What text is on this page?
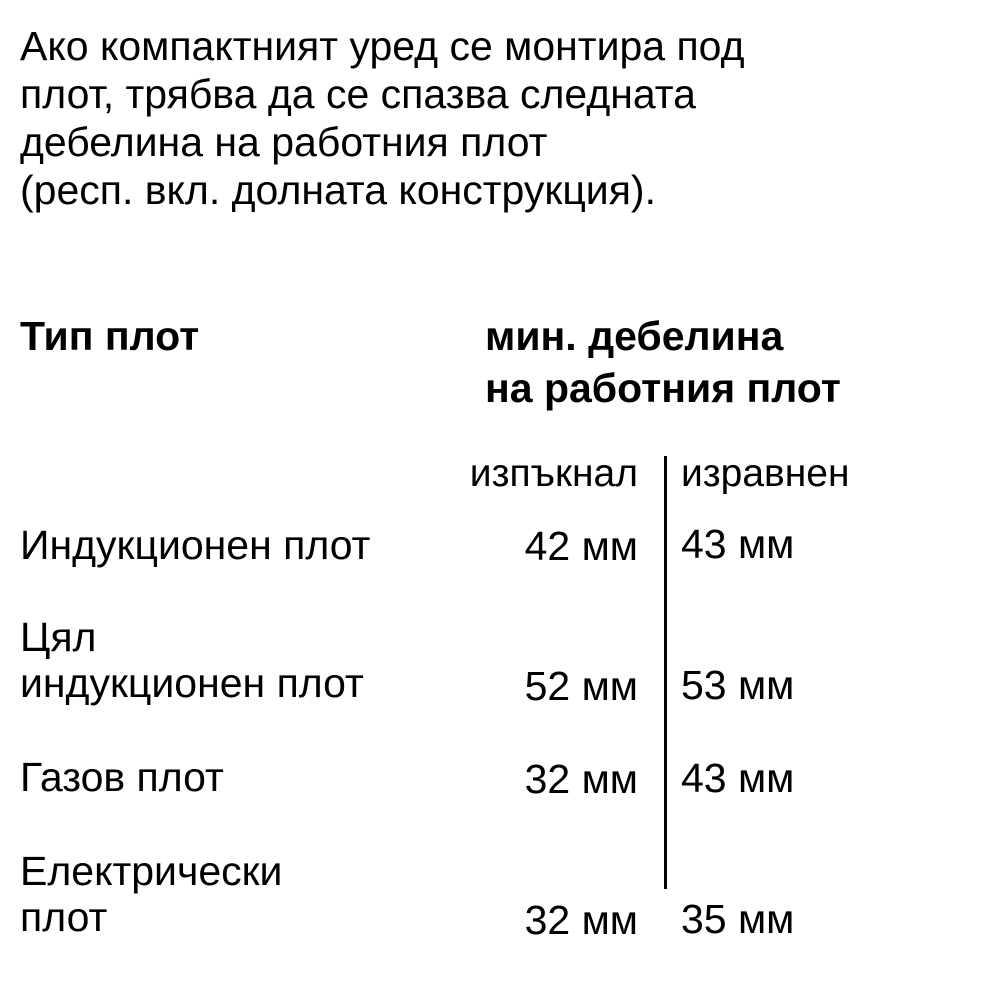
Ако компактният уред се монтира под
плот, трябва да се спазва следната
дебелина на работния плот
(респ. вкл. долната конструкция).
Тип плот	мин. дебелина
на работния плот
изпъкнал изравнен
Индукционен плот	42 мм 43 мм
Цял
индукционен плот	52 мм 53 мм
Газов плот	32 мм 43 мм
Електрически
плот	32 мм 35 мм
